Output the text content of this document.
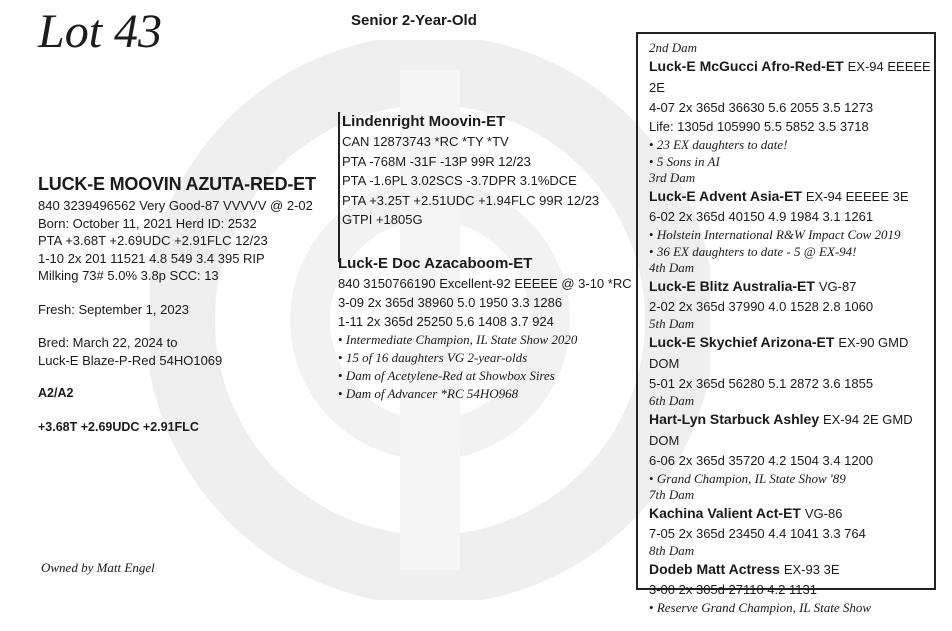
Lot 43	Senior 2-Year-Old
LUCK-E MOOVIN AZUTA-RED-ET
840 3239496562 Very Good-87 VVVVV @ 2-02
Born: October 11, 2021 Herd ID: 2532
PTA +3.68T +2.69UDC +2.91FLC 12/23
1-10 2x 201 11521 4.8 549 3.4 395 RIP
Milking 73# 5.0% 3.8p SCC: 13
Fresh: September 1, 2023
Bred: March 22, 2024 to
Luck-E Blaze-P-Red 54HO1069
A2/A2
+3.68T +2.69UDC +2.91FLC
Owned by Matt Engel
Lindenright Moovin-ET
CAN 12873743 *RC *TY *TV
PTA -768M -31F -13P 99R 12/23
PTA -1.6PL 3.02SCS -3.7DPR 3.1%DCE
PTA +3.25T +2.51UDC +1.94FLC 99R 12/23
GTPI +1805G
Luck-E Doc Azacaboom-ET
840 3150766190 Excellent-92 EEEEE @ 3-10 *RC
3-09 2x 365d 38960 5.0 1950 3.3 1286
1-11 2x 365d 25250 5.6 1408 3.7 924
• Intermediate Champion, IL State Show 2020
• 15 of 16 daughters VG 2-year-olds
• Dam of Acetylene-Red at Showbox Sires
• Dam of Advancer *RC 54HO968
2nd Dam
Luck-E McGucci Afro-Red-ET EX-94 EEEEE 2E
4-07 2x 365d 36630 5.6 2055 3.5 1273
Life: 1305d 105990 5.5 5852 3.5 3718
• 23 EX daughters to date!
• 5 Sons in AI
3rd Dam
Luck-E Advent Asia-ET EX-94 EEEEE 3E
6-02 2x 365d 40150 4.9 1984 3.1 1261
• Holstein International R&W Impact Cow 2019
• 36 EX daughters to date - 5 @ EX-94!
4th Dam
Luck-E Blitz Australia-ET VG-87
2-02 2x 365d 37990 4.0 1528 2.8 1060
5th Dam
Luck-E Skychief Arizona-ET EX-90 GMD DOM
5-01 2x 365d 56280 5.1 2872 3.6 1855
6th Dam
Hart-Lyn Starbuck Ashley EX-94 2E GMD DOM
6-06 2x 365d 35720 4.2 1504 3.4 1200
• Grand Champion, IL State Show '89
7th Dam
Kachina Valient Act-ET VG-86
7-05 2x 365d 23450 4.4 1041 3.3 764
8th Dam
Dodeb Matt Actress EX-93 3E
3-00 2x 305d 27110 4.2 1131
• Reserve Grand Champion, IL State Show
